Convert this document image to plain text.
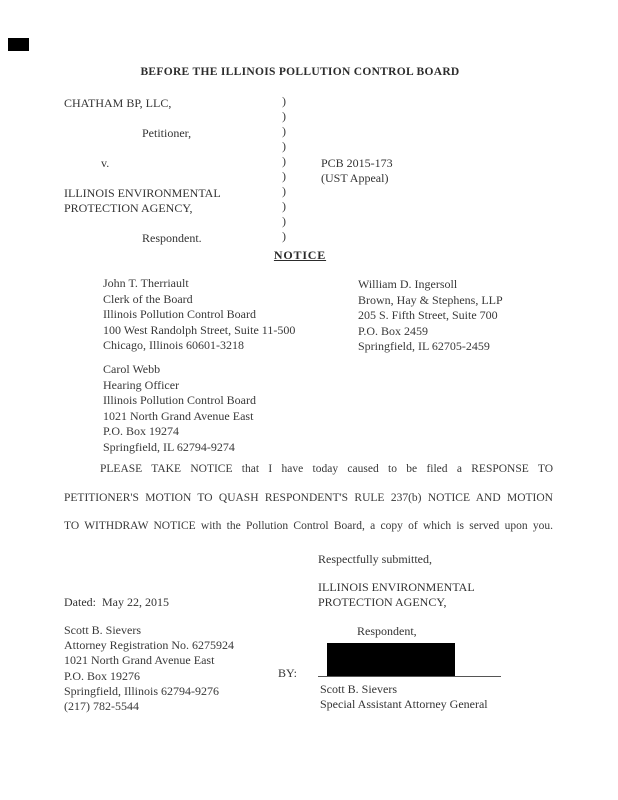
BEFORE THE ILLINOIS POLLUTION CONTROL BOARD
CHATHAM BP, LLC,
Petitioner,
v.
ILLINOIS ENVIRONMENTAL
PROTECTION AGENCY,
Respondent.
)
)
)
)
)
)
)
)
)
)
PCB 2015-173
(UST Appeal)
NOTICE
John T. Therriault
Clerk of the Board
Illinois Pollution Control Board
100 West Randolph Street, Suite 11-500
Chicago, Illinois 60601-3218
William D. Ingersoll
Brown, Hay & Stephens, LLP
205 S. Fifth Street, Suite 700
P.O. Box 2459
Springfield, IL 62705-2459
Carol Webb
Hearing Officer
Illinois Pollution Control Board
1021 North Grand Avenue East
P.O. Box 19274
Springfield, IL 62794-9274
PLEASE TAKE NOTICE that I have today caused to be filed a RESPONSE TO
PETITIONER'S MOTION TO QUASH RESPONDENT'S RULE 237(b) NOTICE AND MOTION
TO WITHDRAW NOTICE with the Pollution Control Board, a copy of which is served upon you.
Respectfully submitted,
ILLINOIS ENVIRONMENTAL
PROTECTION AGENCY,
Respondent,
BY:
Scott B. Sievers
Special Assistant Attorney General
Dated:  May 22, 2015
Scott B. Sievers
Attorney Registration No. 6275924
1021 North Grand Avenue East
P.O. Box 19276
Springfield, Illinois 62794-9276
(217) 782-5544
